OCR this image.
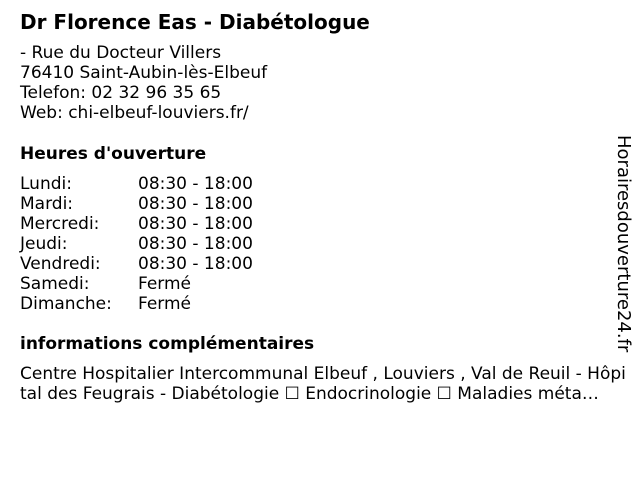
Dr Florence Eas - Diabétologue
- Rue du Docteur Villers
76410 Saint-Aubin-lès-Elbeuf
Telefon: 02 32 96 35 65
Web: chi-elbeuf-louviers.fr/
Heures d'ouverture
Lundi:	08:30 - 18:00
Mardi:	08:30 - 18:00
Mercredi: 08:30 - 18:00
Jeudi:	08:30 - 18:00
Vendredi: 08:30 - 18:00
Samedi:	Fermé
Dimanche: Fermé
informations complémentaires

Centre Hospitalier Intercommunal Elbeuf , Louviers , Val de Reuil - Hôpital des Feugrais - Diabétologie ☐ Endocrinologie ☐ Maladies méta…

Horairesdouverture24.fr
